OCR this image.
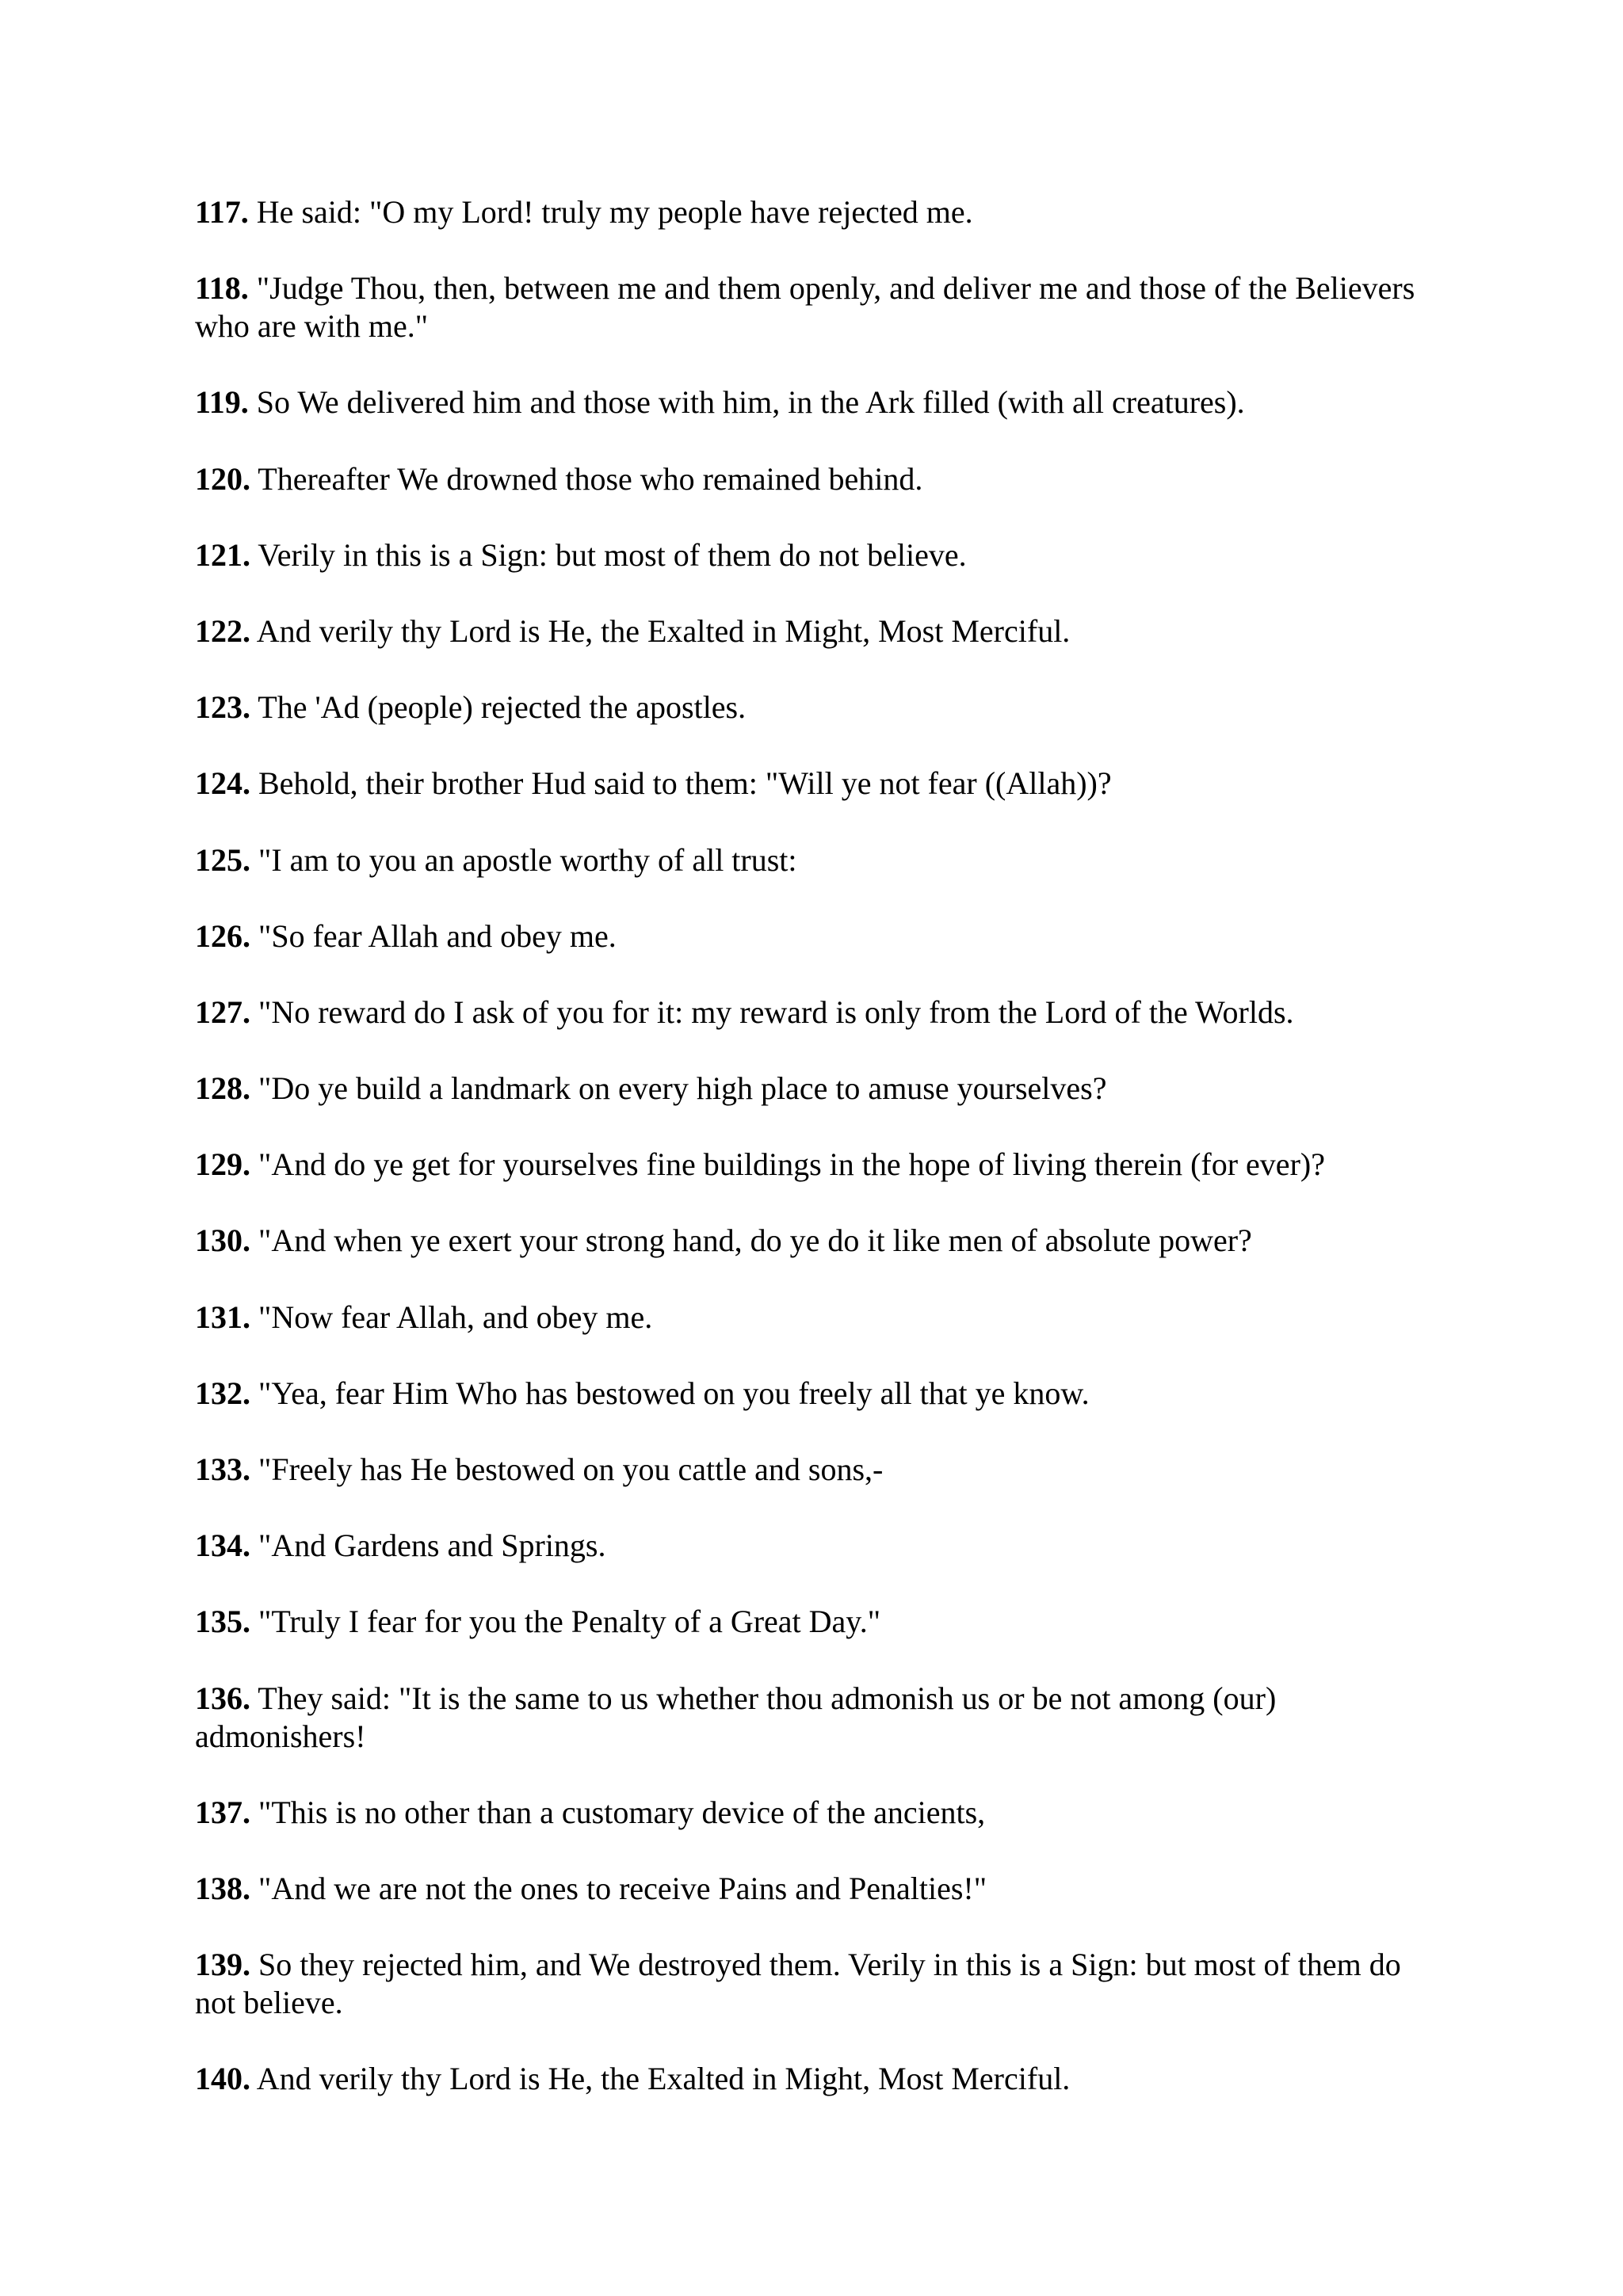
117. He said: "O my Lord! truly my people have rejected me.

118. "Judge Thou, then, between me and them openly, and deliver me and those of the Believers who are with me."

119. So We delivered him and those with him, in the Ark filled (with all creatures).

120. Thereafter We drowned those who remained behind.

121. Verily in this is a Sign: but most of them do not believe.

122. And verily thy Lord is He, the Exalted in Might, Most Merciful.

123. The 'Ad (people) rejected the apostles.

124. Behold, their brother Hud said to them: "Will ye not fear ((Allah))?

125. "I am to you an apostle worthy of all trust:

126. "So fear Allah and obey me.

127. "No reward do I ask of you for it: my reward is only from the Lord of the Worlds.

128. "Do ye build a landmark on every high place to amuse yourselves?

129. "And do ye get for yourselves fine buildings in the hope of living therein (for ever)?

130. "And when ye exert your strong hand, do ye do it like men of absolute power?

131. "Now fear Allah, and obey me.

132. "Yea, fear Him Who has bestowed on you freely all that ye know.

133. "Freely has He bestowed on you cattle and sons,-

134. "And Gardens and Springs.

135. "Truly I fear for you the Penalty of a Great Day."

136. They said: "It is the same to us whether thou admonish us or be not among (our) admonishers!

137. "This is no other than a customary device of the ancients,

138. "And we are not the ones to receive Pains and Penalties!"

139. So they rejected him, and We destroyed them. Verily in this is a Sign: but most of them do not believe.

140. And verily thy Lord is He, the Exalted in Might, Most Merciful.
